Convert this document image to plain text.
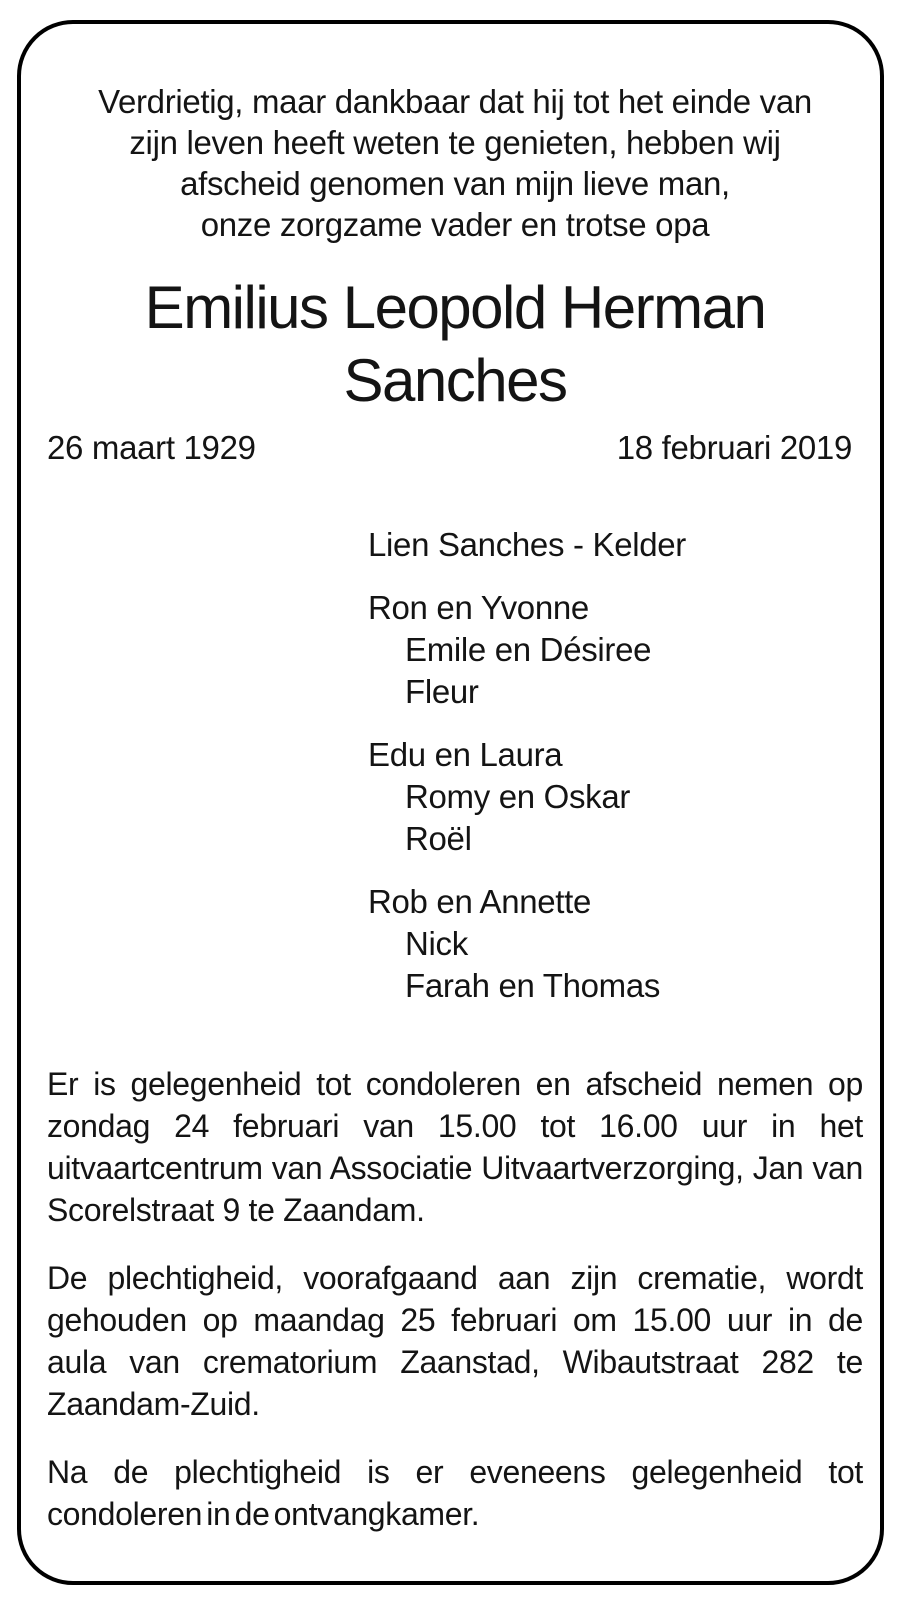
Verdrietig, maar dankbaar dat hij tot het einde van
zijn leven heeft weten te genieten, hebben wij
afscheid genomen van mijn lieve man,
onze zorgzame vader en trotse opa
Emilius Leopold Herman
Sanches
26 maart 1929	18 februari 2019
Lien Sanches - Kelder
Ron en Yvonne
Emile en Désiree
Fleur
Edu en Laura
Romy en Oskar
Roël
Rob en Annette
Nick
Farah en Thomas

Er is gelegenheid tot condoleren en afscheid nemen op zondag 24 februari van 15.00 tot 16.00 uur in het uitvaartcentrum van Associatie Uitvaartverzorging, Jan van Scorelstraat 9 te Zaandam.

De plechtigheid, voorafgaand aan zijn crematie, wordt gehouden op maandag 25 februari om 15.00 uur in de aula van crematorium Zaanstad, Wibautstraat 282 te Zaandam-Zuid.

Na de plechtigheid is er eveneens gelegenheid tot condoleren in de ontvangkamer.
